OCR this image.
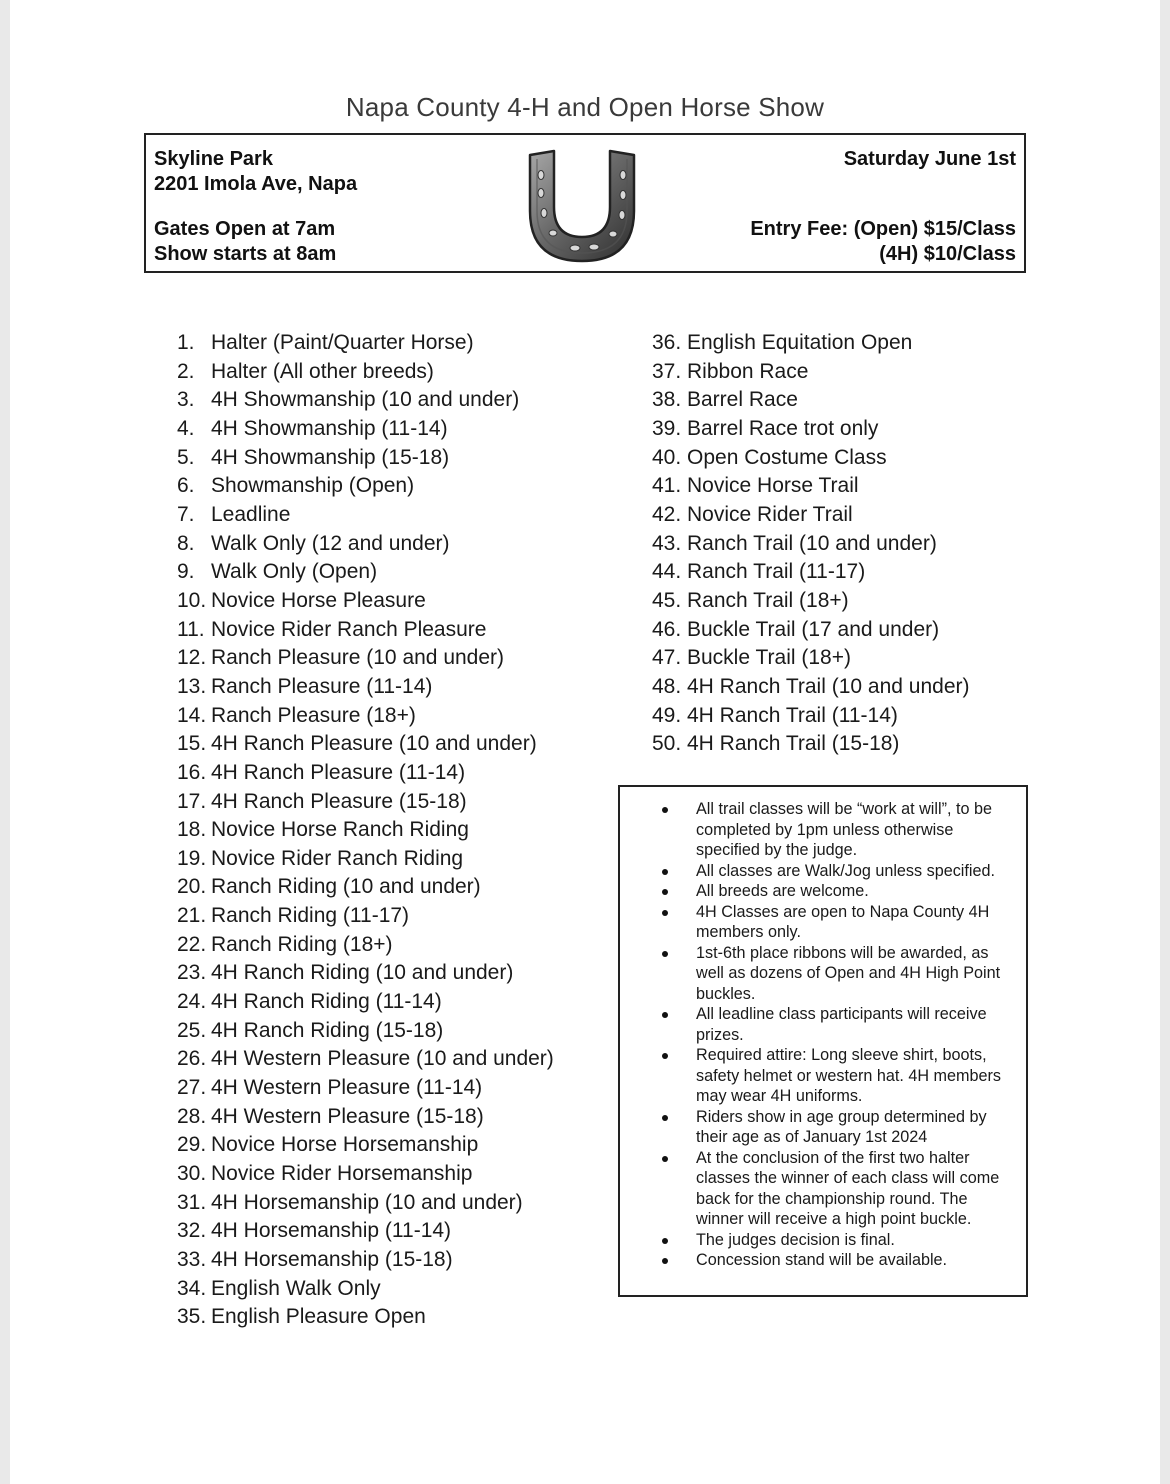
Napa County 4-H and Open Horse Show
Skyline Park
2201 Imola Ave, Napa
Gates Open at 7am
Show starts at 8am
Saturday June 1st
Entry Fee: (Open) $15/Class
(4H) $10/Class
1. Halter (Paint/Quarter Horse)
2. Halter (All other breeds)
3. 4H Showmanship (10 and under)
4. 4H Showmanship (11-14)
5. 4H Showmanship (15-18)
6. Showmanship (Open)
7. Leadline
8. Walk Only (12 and under)
9. Walk Only (Open)
10. Novice Horse Pleasure
11. Novice Rider Ranch Pleasure
12. Ranch Pleasure (10 and under)
13. Ranch Pleasure (11-14)
14. Ranch Pleasure (18+)
15. 4H Ranch Pleasure (10 and under)
16. 4H Ranch Pleasure (11-14)
17. 4H Ranch Pleasure (15-18)
18. Novice Horse Ranch Riding
19. Novice Rider Ranch Riding
20. Ranch Riding (10 and under)
21. Ranch Riding (11-17)
22. Ranch Riding (18+)
23. 4H Ranch Riding (10 and under)
24. 4H Ranch Riding (11-14)
25. 4H Ranch Riding (15-18)
26. 4H Western Pleasure (10 and under)
27. 4H Western Pleasure (11-14)
28. 4H Western Pleasure (15-18)
29. Novice Horse Horsemanship
30. Novice Rider Horsemanship
31. 4H Horsemanship (10 and under)
32. 4H Horsemanship (11-14)
33. 4H Horsemanship (15-18)
34. English Walk Only
35. English Pleasure Open
36. English Equitation Open
37. Ribbon Race
38. Barrel Race
39. Barrel Race trot only
40. Open Costume Class
41. Novice Horse Trail
42. Novice Rider Trail
43. Ranch Trail (10 and under)
44. Ranch Trail (11-17)
45. Ranch Trail (18+)
46. Buckle Trail (17 and under)
47. Buckle Trail (18+)
48. 4H Ranch Trail (10 and under)
49. 4H Ranch Trail (11-14)
50. 4H Ranch Trail (15-18)
All trail classes will be “work at will”, to be completed by 1pm unless otherwise specified by the judge.
All classes are Walk/Jog unless specified.
All breeds are welcome.
4H Classes are open to Napa County 4H members only.
1st-6th place ribbons will be awarded, as well as dozens of Open and 4H High Point buckles.
All leadline class participants will receive prizes.
Required attire: Long sleeve shirt, boots, safety helmet or western hat. 4H members may wear 4H uniforms.
Riders show in age group determined by their age as of January 1st 2024
At the conclusion of the first two halter classes the winner of each class will come back for the championship round. The winner will receive a high point buckle.
The judges decision is final.
Concession stand will be available.
